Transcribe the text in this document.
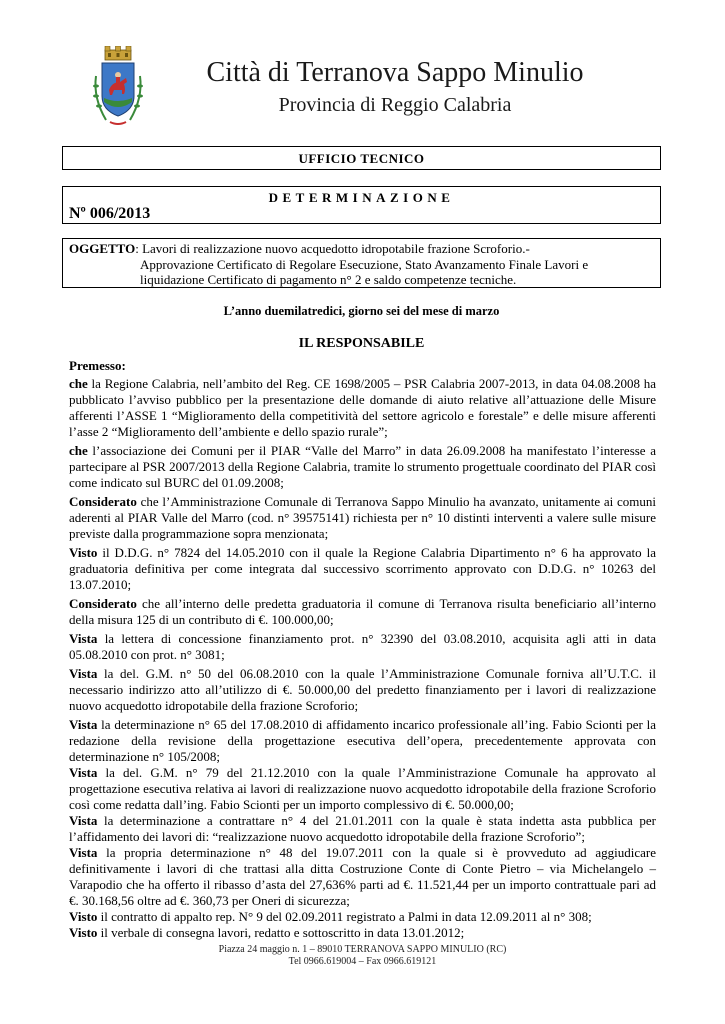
Città di Terranova Sappo Minulio
Provincia di Reggio Calabria
UFFICIO TECNICO
DETERMINAZIONE
Nº 006/2013
OGGETTO: Lavori di realizzazione nuovo acquedotto idropotabile frazione Scroforio.-
Approvazione Certificato di Regolare Esecuzione, Stato Avanzamento Finale Lavori e
liquidazione Certificato di pagamento n° 2 e saldo competenze tecniche.
L’anno duemilatredici, giorno sei del mese di marzo
IL RESPONSABILE
Premesso:

che la Regione Calabria, nell’ambito del Reg. CE 1698/2005 – PSR Calabria 2007-2013, in data 04.08.2008 ha pubblicato l’avviso pubblico per la presentazione delle domande di aiuto relative all’attuazione delle Misure afferenti l’ASSE 1 “Miglioramento della competitività del settore agricolo e forestale” e delle misure afferenti l’asse 2 “Miglioramento dell’ambiente e dello spazio rurale”;

che l’associazione dei Comuni per il PIAR “Valle del Marro” in data 26.09.2008 ha manifestato l’interesse a partecipare al PSR 2007/2013 della Regione Calabria, tramite lo strumento progettuale coordinato del PIAR così come indicato sul BURC del 01.09.2008;

Considerato che l’Amministrazione Comunale di Terranova Sappo Minulio ha avanzato, unitamente ai comuni aderenti al PIAR Valle del Marro (cod. n° 39575141) richiesta per n° 10 distinti interventi a valere sulle misure previste dalla programmazione sopra menzionata;

Visto il D.D.G. n° 7824 del 14.05.2010 con il quale la Regione Calabria Dipartimento n° 6 ha approvato la graduatoria definitiva per come integrata dal successivo scorrimento approvato con D.D.G. n° 10263 del 13.07.2010;

Considerato che all’interno delle predetta graduatoria il comune di Terranova risulta beneficiario all’interno della misura 125 di un contributo di €. 100.000,00;

Vista la lettera di concessione finanziamento prot. n° 32390 del 03.08.2010, acquisita agli atti in data 05.08.2010 con prot. n° 3081;

Vista la del. G.M. n° 50 del 06.08.2010 con la quale l’Amministrazione Comunale forniva all’U.T.C. il necessario indirizzo atto all’utilizzo di €. 50.000,00 del predetto finanziamento per i lavori di realizzazione nuovo acquedotto idropotabile della frazione Scroforio;

Vista la determinazione n° 65 del 17.08.2010 di affidamento incarico professionale all’ing. Fabio Scionti per la redazione della revisione della progettazione esecutiva dell’opera, precedentemente approvata con determinazione n° 105/2008;

Vista la del. G.M. n° 79 del 21.12.2010 con la quale l’Amministrazione Comunale ha approvato al progettazione esecutiva relativa ai lavori di realizzazione nuovo acquedotto idropotabile della frazione Scroforio così come redatta dall’ing. Fabio Scionti per un importo complessivo di €. 50.000,00;

Vista la determinazione a contrattare n° 4 del 21.01.2011 con la quale è stata indetta asta pubblica per l’affidamento dei lavori di: “realizzazione nuovo acquedotto idropotabile della frazione Scroforio”;

Vista la propria determinazione n° 48 del 19.07.2011 con la quale si è provveduto ad aggiudicare definitivamente i lavori di che trattasi alla ditta Costruzione Conte di Conte Pietro – via Michelangelo – Varapodio che ha offerto il ribasso d’asta del 27,636% parti ad €. 11.521,44 per un importo contrattuale pari ad €. 30.168,56 oltre ad €. 360,73 per Oneri di sicurezza;

Visto il contratto di appalto rep. N° 9 del 02.09.2011 registrato a Palmi in data 12.09.2011 al n° 308;

Visto il verbale di consegna lavori, redatto e sottoscritto in data 13.01.2012;

Piazza 24 maggio n. 1 – 89010 TERRANOVA SAPPO MINULIO (RC)
Tel 0966.619004 – Fax 0966.619121
